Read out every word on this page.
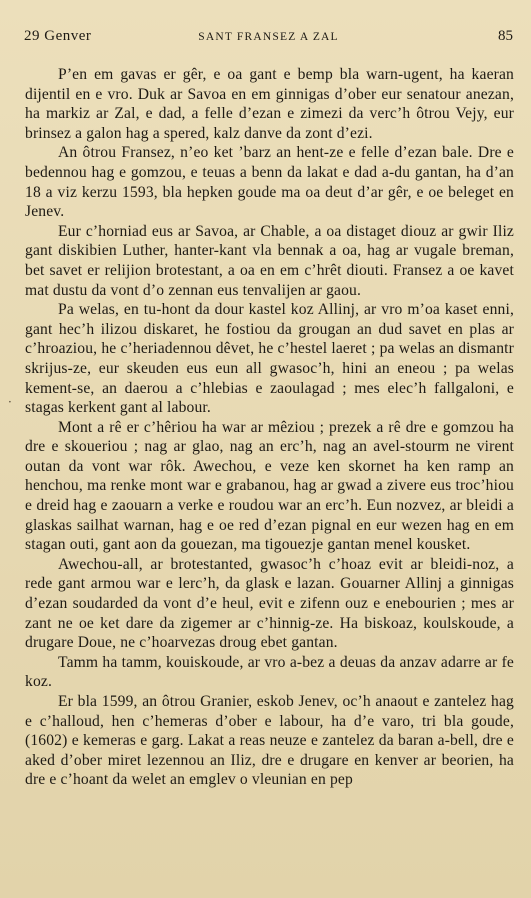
29 Genver	SANT FRANSEZ A ZAL	85
·

P’en em gavas er gêr, e oa gant e bemp bla warn-ugent, ha kaeran dijentil en e vro. Duk ar Savoa en em ginnigas d’ober eur senatour anezan, ha markiz ar Zal, e dad, a felle d’ezan e zimezi da verc’h ôtrou Vejy, eur brinsez a galon hag a spered, kalz danve da zont d’ezi.

An ôtrou Fransez, n’eo ket ’barz an hent-ze e felle d’ezan bale. Dre e bedennou hag e gomzou, e teuas a benn da lakat e dad a-du gantan, ha d’an 18 a viz kerzu 1593, bla hepken goude ma oa deut d’ar gêr, e oe beleget en Jenev.

Eur c’horniad eus ar Savoa, ar Chable, a oa distaget diouz ar gwir Iliz gant diskibien Luther, hanter-kant vla bennak a oa, hag ar vugale breman, bet savet er relijion brotestant, a oa en em c’hrêt diouti. Fransez a oe kavet mat dustu da vont d’o zennan eus tenvalijen ar gaou.

Pa welas, en tu-hont da dour kastel koz Allinj, ar vro m’oa kaset enni, gant hec’h ilizou diskaret, he fostiou da grougan an dud savet en plas ar c’hroaziou, he c’heriadennou dêvet, he c’hestel laeret ; pa welas an dismantr skrijus-ze, eur skeuden eus eun all gwasoc’h, hini an eneou ; pa welas kement-se, an daerou a c’hlebias e zaoulagad ; mes elec’h fallgaloni, e stagas kerkent gant al labour.

Mont a rê er c’hêriou ha war ar mêziou ; prezek a rê dre e gomzou ha dre e skoueriou ; nag ar glao, nag an erc’h, nag an avel-stourm ne virent outan da vont war rôk. Awechou, e veze ken skornet ha ken ramp an henchou, ma renke mont war e grabanou, hag ar gwad a zivere eus troc’hiou e dreid hag e zaouarn a verke e roudou war an erc’h. Eun nozvez, ar bleidi a glaskas sailhat warnan, hag e oe red d’ezan pignal en eur wezen hag en em stagan outi, gant aon da gouezan, ma tigouezje gantan menel kousket.

Awechou-all, ar brotestanted, gwasoc’h c’hoaz evit ar bleidi-noz, a rede gant armou war e lerc’h, da glask e lazan. Gouarner Allinj a ginnigas d’ezan soudarded da vont d’e heul, evit e zifenn ouz e enebourien ; mes ar zant ne oe ket dare da zigemer ar c’hinnig-ze. Ha biskoaz, koulskoude, a drugare Doue, ne c’hoarvezas droug ebet gantan.

Tamm ha tamm, kouiskoude, ar vro a-bez a deuas da anzav adarre ar fe koz.

Er bla 1599, an ôtrou Granier, eskob Jenev, oc’h anaout e zantelez hag e c’halloud, hen c’hemeras d’ober e labour, ha d’e varo, tri bla goude, (1602) e kemeras e garg. Lakat a reas neuze e zantelez da baran a-bell, dre e aked d’ober miret lezennou an Iliz, dre e drugare en kenver ar beorien, ha dre e c’hoant da welet an emglev o vleunian en pep
